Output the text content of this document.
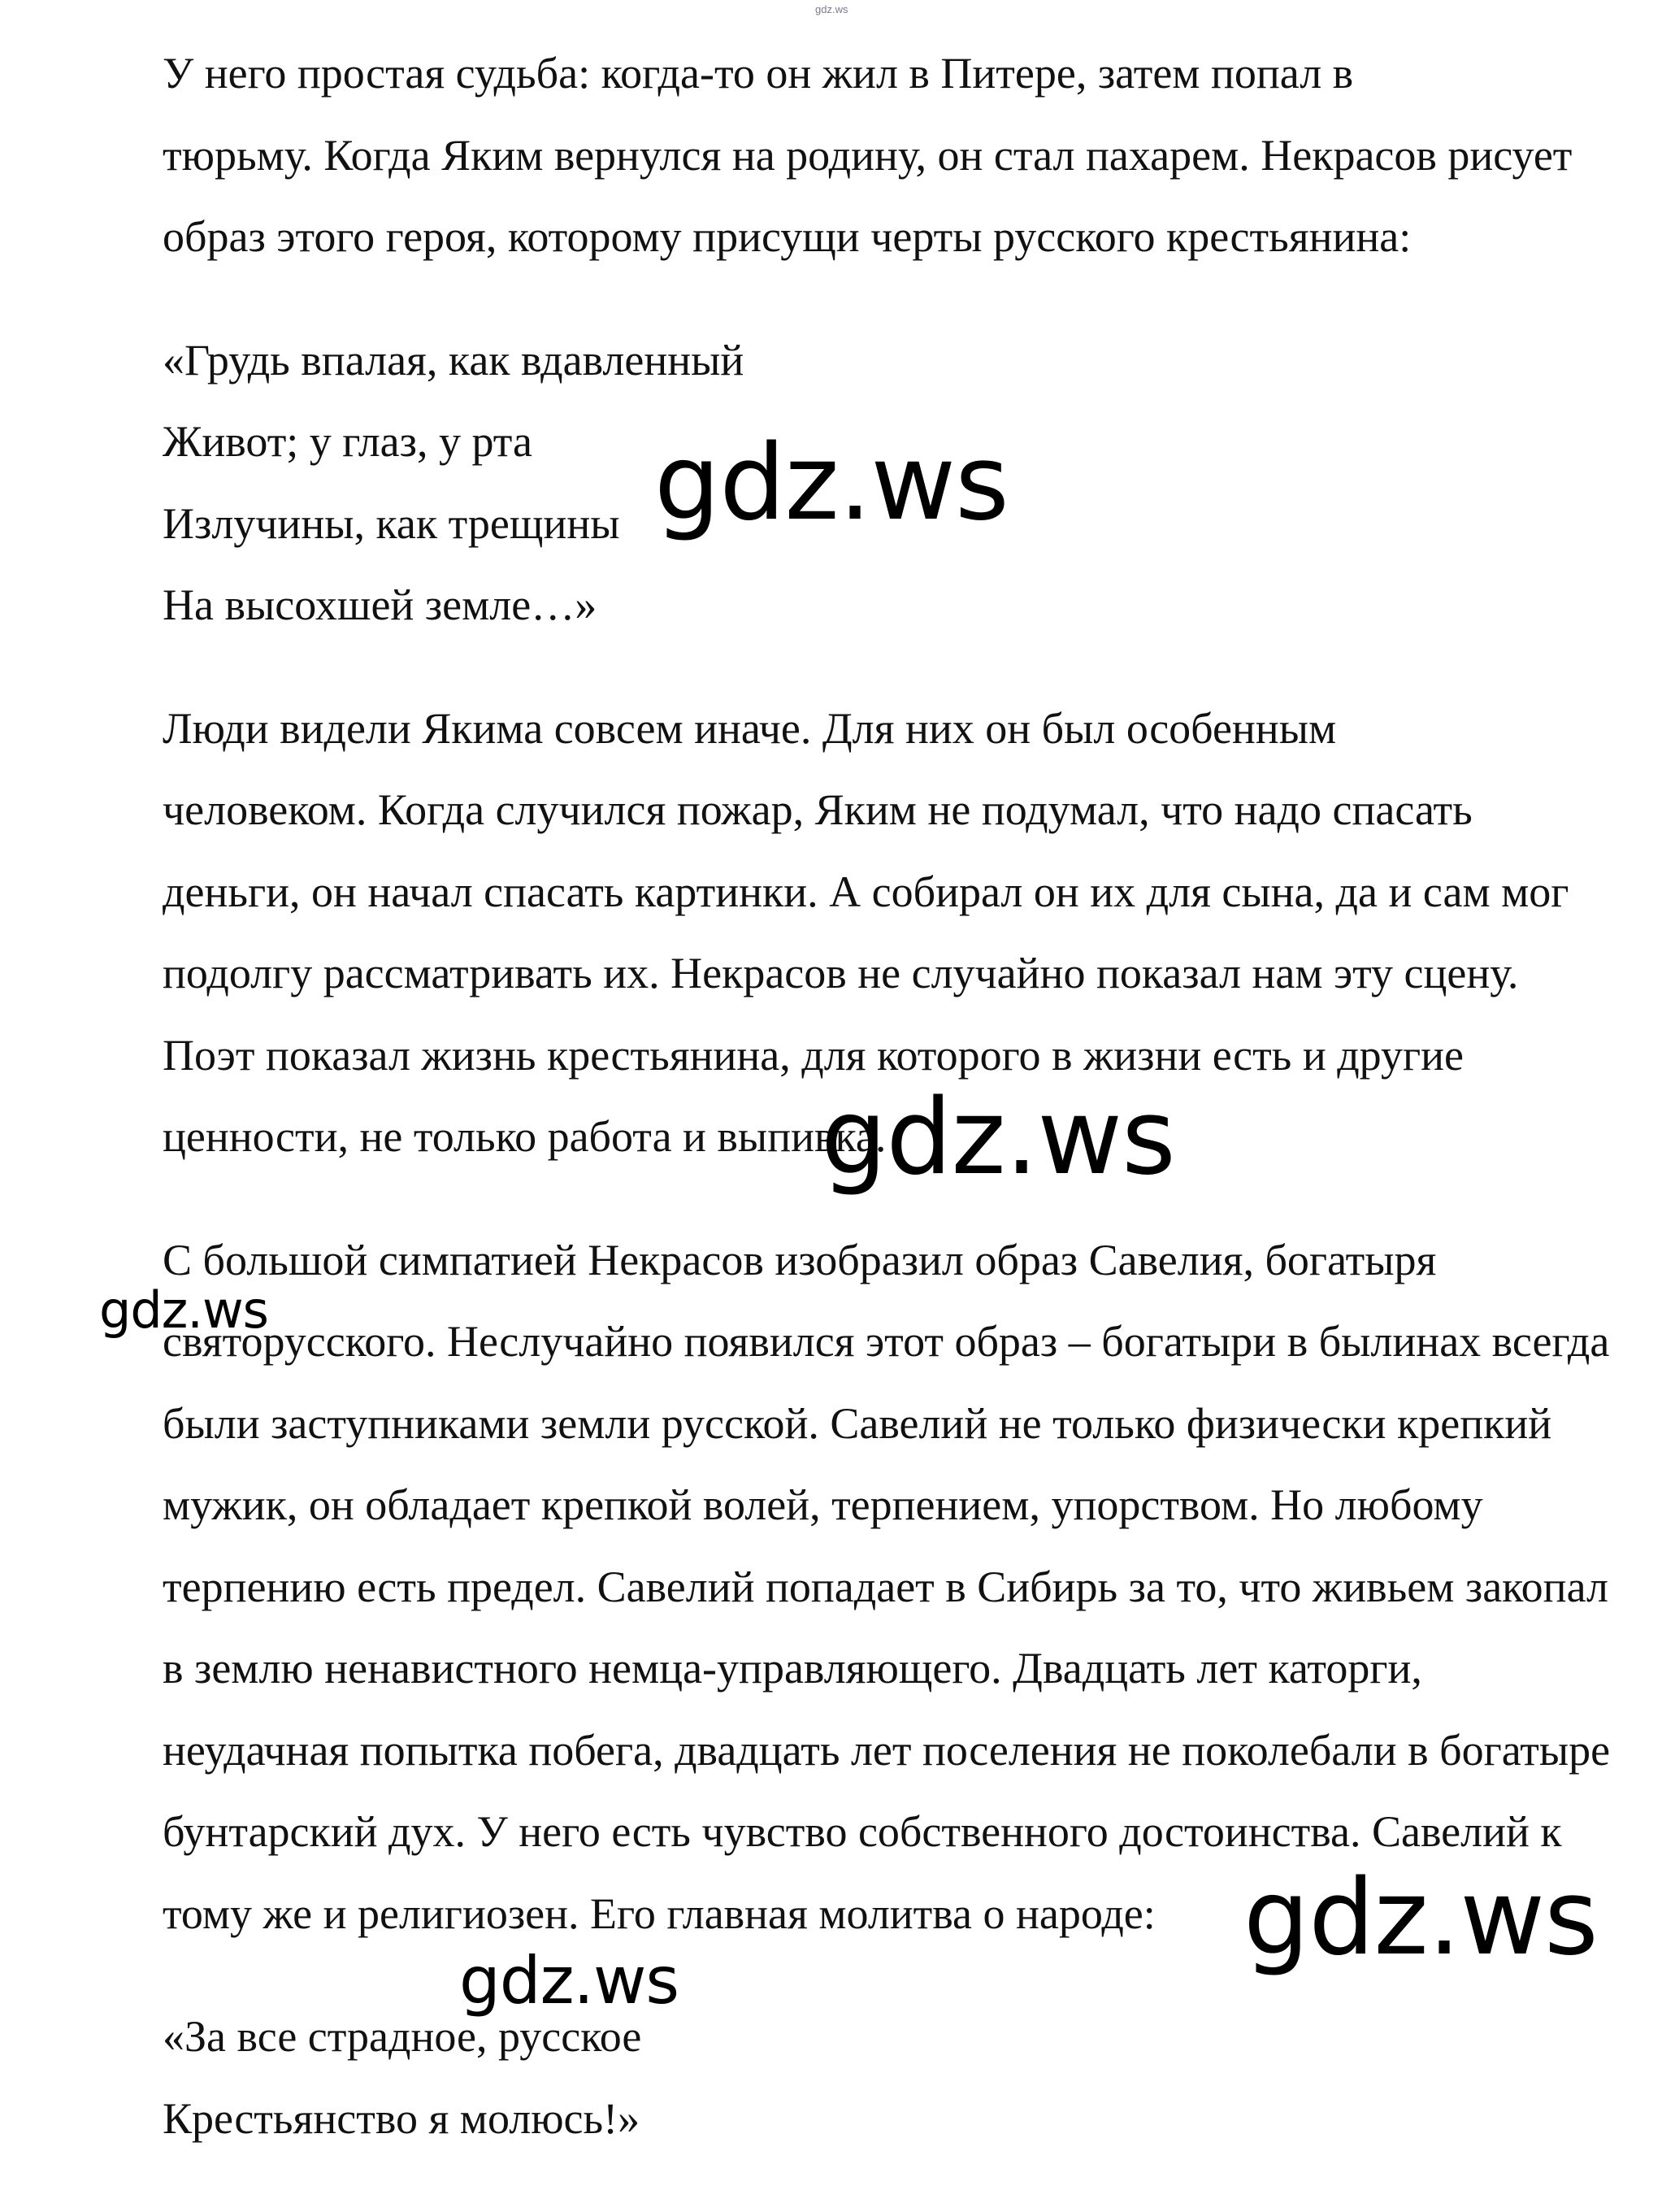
gdz.ws
У него простая судьба: когда-то он жил в Питере, затем попал в
тюрьму. Когда Яким вернулся на родину, он стал пахарем. Некрасов рисует
образ этого героя, которому присущи черты русского крестьянина:
«Грудь впалая, как вдавленный
Живот; у глаз, у рта
Излучины, как трещины
На высохшей земле…»
Люди видели Якима совсем иначе. Для них он был особенным
человеком. Когда случился пожар, Яким не подумал, что надо спасать
деньги, он начал спасать картинки. А собирал он их для сына, да и сам мог
подолгу рассматривать их. Некрасов не случайно показал нам эту сцену.
Поэт показал жизнь крестьянина, для которого в жизни есть и другие
ценности, не только работа и выпивка.
С большой симпатией Некрасов изобразил образ Савелия, богатыря
святорусского. Неслучайно появился этот образ – богатыри в былинах всегда
были заступниками земли русской. Савелий не только физически крепкий
мужик, он обладает крепкой волей, терпением, упорством. Но любому
терпению есть предел. Савелий попадает в Сибирь за то, что живьем закопал
в землю ненавистного немца-управляющего. Двадцать лет каторги,
неудачная попытка побега, двадцать лет поселения не поколебали в богатыре
бунтарский дух. У него есть чувство собственного достоинства. Савелий к
тому же и религиозен. Его главная молитва о народе:
«За все страдное, русское
Крестьянство я молюсь!»
gdz.ws
gdz.ws
gdz.ws
gdz.ws
gdz.ws
